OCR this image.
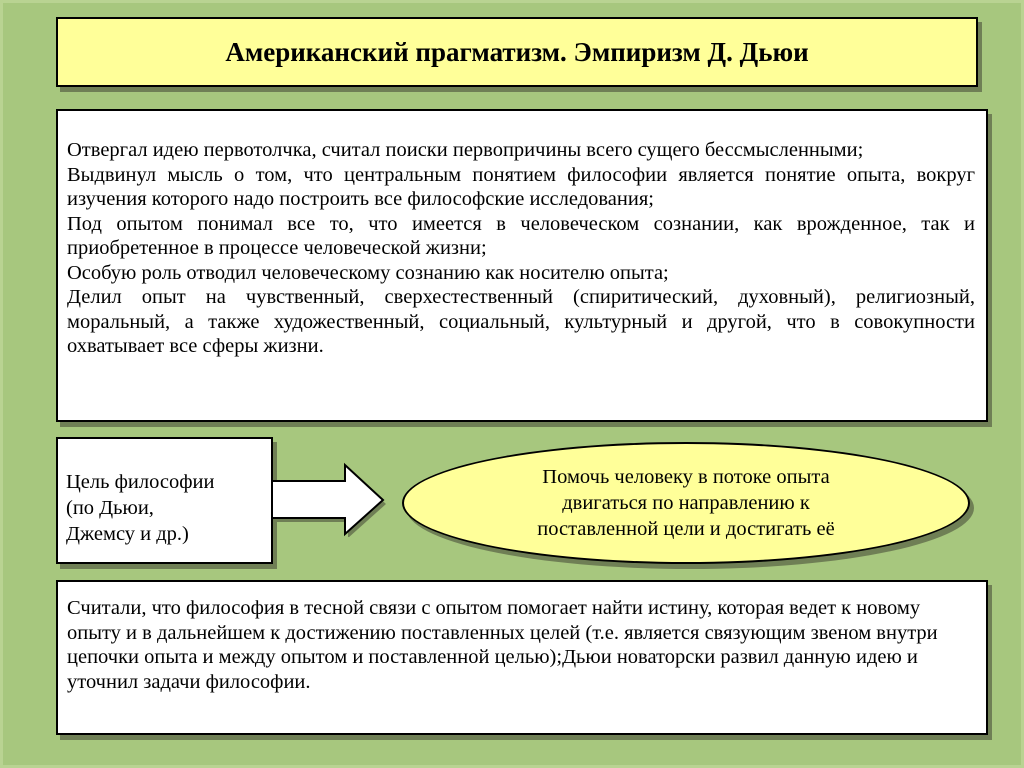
Американский прагматизм. Эмпиризм Д. Дьюи

Отвергал идею первотолчка, считал поиски первопричины всего сущего бессмысленными;

Выдвинул мысль о том, что центральным понятием философии является понятие опыта, вокруг изучения которого надо построить все философские исследования;

Под опытом понимал все то, что имеется в человеческом сознании, как врожденное, так и приобретенное в процессе человеческой жизни;

Особую роль отводил человеческому сознанию как носителю опыта;

Делил опыт на чувственный, сверхестественный (спиритический, духовный), религиозный, моральный, а также художественный, социальный, культурный и другой, что в совокупности охватывает все сферы жизни.

Цель философии
(по Дьюи,
Джемсу и др.)
Помочь человеку в потоке опыта
двигаться по направлению к
поставленной цели и достигать её

Считали, что философия в тесной связи с опытом помогает найти истину, которая ведет к новому опыту и в дальнейшем к достижению поставленных целей (т.е. является связующим звеном внутри цепочки опыта и между опытом и поставленной целью);Дьюи новаторски развил данную идею и уточнил задачи философии.
